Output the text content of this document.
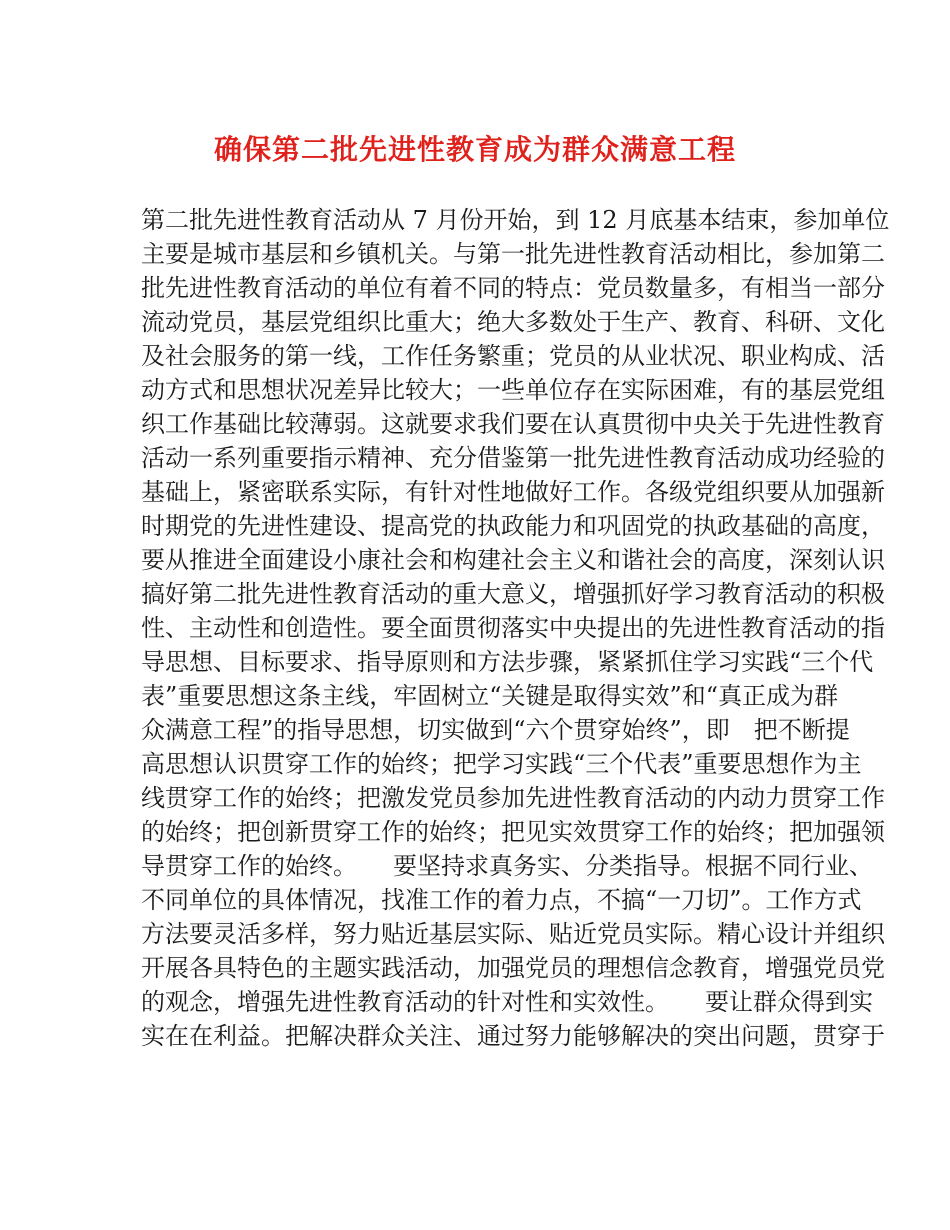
确保第二批先进性教育成为群众满意工程
第二批先进性教育活动从 7 月份开始，到 12 月底基本结束，参加单位
主要是城市基层和乡镇机关。与第一批先进性教育活动相比，参加第二
批先进性教育活动的单位有着不同的特点：党员数量多，有相当一部分
流动党员，基层党组织比重大；绝大多数处于生产、教育、科研、文化
及社会服务的第一线，工作任务繁重；党员的从业状况、职业构成、活
动方式和思想状况差异比较大；一些单位存在实际困难，有的基层党组
织工作基础比较薄弱。这就要求我们要在认真贯彻中央关于先进性教育
活动一系列重要指示精神、充分借鉴第一批先进性教育活动成功经验的
基础上，紧密联系实际，有针对性地做好工作。各级党组织要从加强新
时期党的先进性建设、提高党的执政能力和巩固党的执政基础的高度，
要从推进全面建设小康社会和构建社会主义和谐社会的高度，深刻认识
搞好第二批先进性教育活动的重大意义，增强抓好学习教育活动的积极
性、主动性和创造性。要全面贯彻落实中央提出的先进性教育活动的指
导思想、目标要求、指导原则和方法步骤，紧紧抓住学习实践“三个代
表”重要思想这条主线，牢固树立“关键是取得实效”和“真正成为群
众满意工程”的指导思想，切实做到“六个贯穿始终”，即　把不断提
高思想认识贯穿工作的始终；把学习实践“三个代表”重要思想作为主
线贯穿工作的始终；把激发党员参加先进性教育活动的内动力贯穿工作
的始终；把创新贯穿工作的始终；把见实效贯穿工作的始终；把加强领
导贯穿工作的始终。　　要坚持求真务实、分类指导。根据不同行业、
不同单位的具体情况，找准工作的着力点，不搞“一刀切”。工作方式
方法要灵活多样，努力贴近基层实际、贴近党员实际。精心设计并组织
开展各具特色的主题实践活动，加强党员的理想信念教育，增强党员党
的观念，增强先进性教育活动的针对性和实效性。　　要让群众得到实
实在在利益。把解决群众关注、通过努力能够解决的突出问题，贯穿于
